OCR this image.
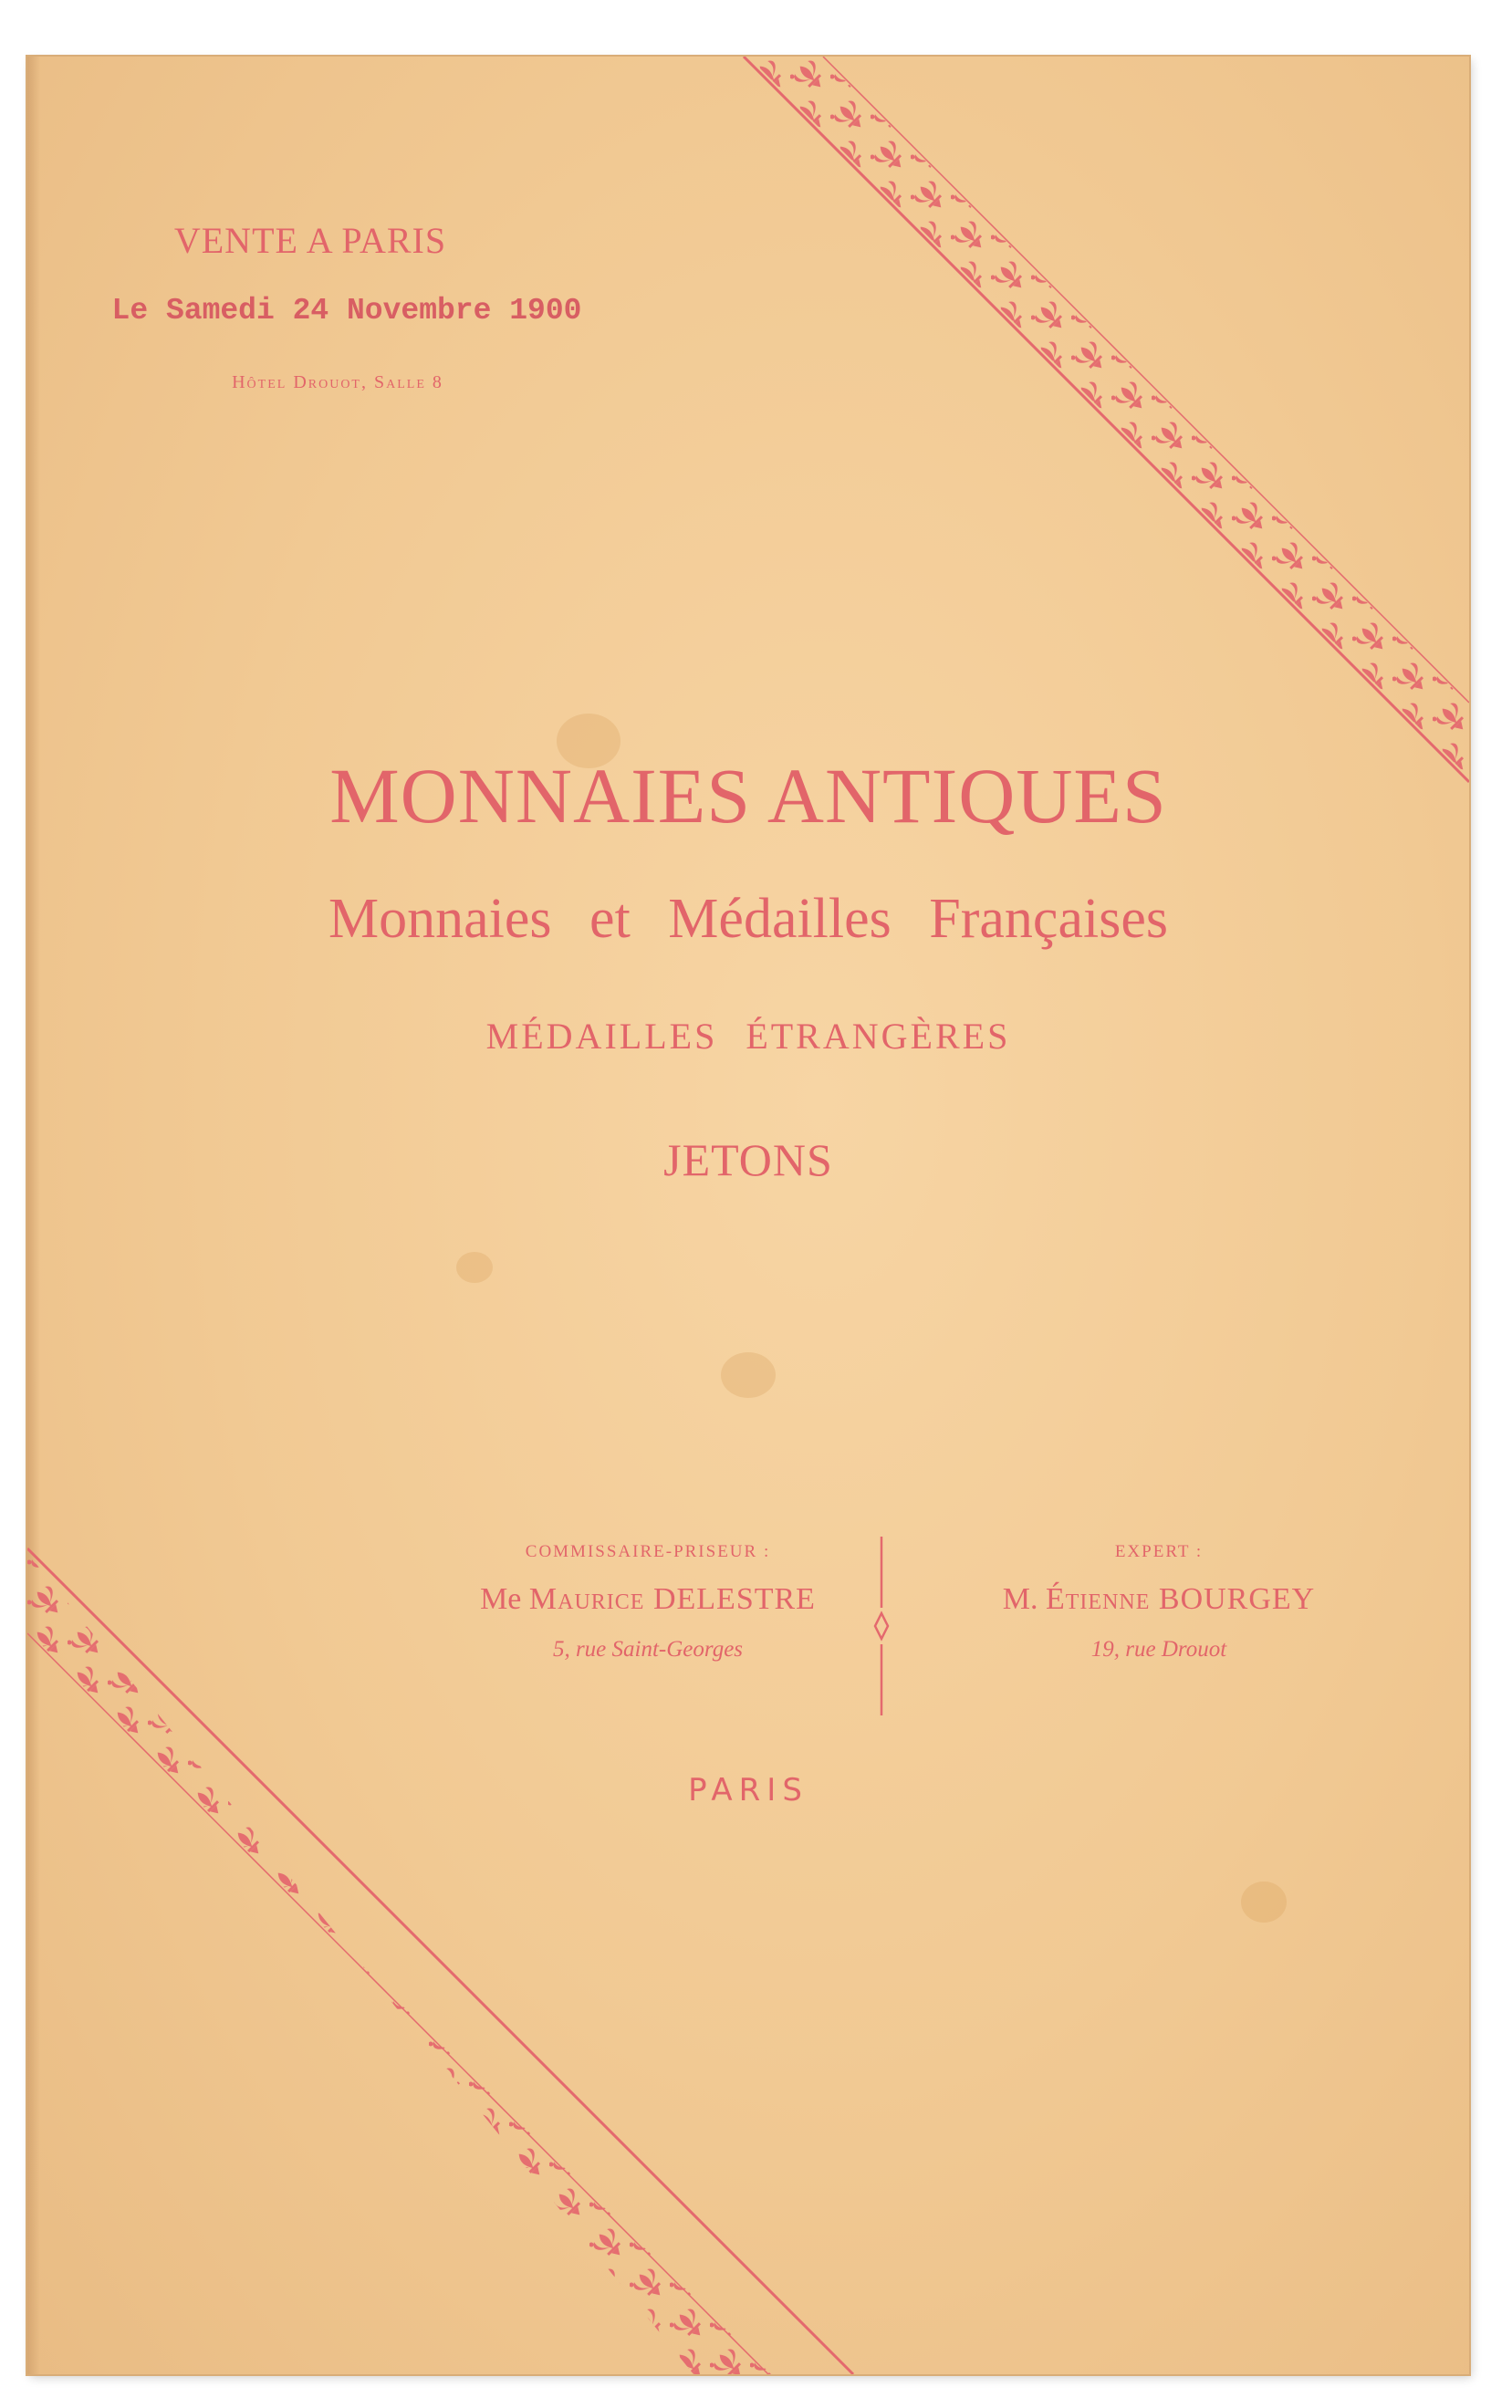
VENTE A PARIS
Le Samedi 24 Novembre 1900
Hôtel Drouot, Salle 8
MONNAIES ANTIQUES
Monnaies et Médailles Françaises
MÉDAILLES ÉTRANGÈRES
JETONS
COMMISSAIRE-PRISEUR :
Me Maurice DELESTRE
5, rue Saint-Georges
EXPERT :
M. Étienne BOURGEY
19, rue Drouot
PARIS
